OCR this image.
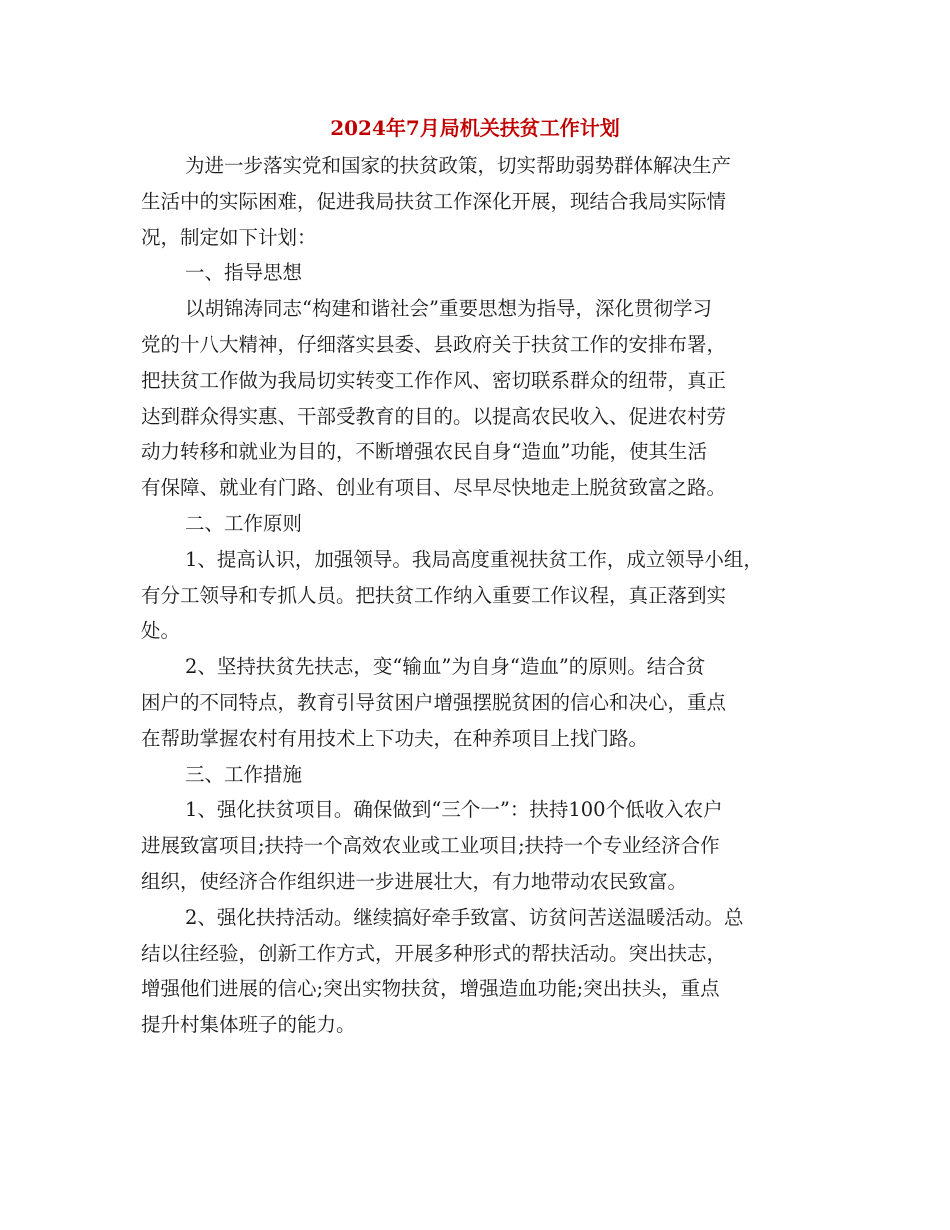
2024年7月局机关扶贫工作计划
为进一步落实党和国家的扶贫政策，切实帮助弱势群体解决生产
生活中的实际困难，促进我局扶贫工作深化开展，现结合我局实际情
况，制定如下计划：
一、指导思想
以胡锦涛同志“构建和谐社会”重要思想为指导，深化贯彻学习
党的十八大精神，仔细落实县委、县政府关于扶贫工作的安排布署，
把扶贫工作做为我局切实转变工作作风、密切联系群众的纽带，真正
达到群众得实惠、干部受教育的目的。以提高农民收入、促进农村劳
动力转移和就业为目的，不断增强农民自身“造血”功能，使其生活
有保障、就业有门路、创业有项目、尽早尽快地走上脱贫致富之路。
二、工作原则
1、提高认识，加强领导。我局高度重视扶贫工作，成立领导小组，
有分工领导和专抓人员。把扶贫工作纳入重要工作议程，真正落到实
处。
2、坚持扶贫先扶志，变“输血”为自身“造血”的原则。结合贫
困户的不同特点，教育引导贫困户增强摆脱贫困的信心和决心，重点
在帮助掌握农村有用技术上下功夫，在种养项目上找门路。
三、工作措施
1、强化扶贫项目。确保做到“三个一”：扶持100个低收入农户
进展致富项目;扶持一个高效农业或工业项目;扶持一个专业经济合作
组织，使经济合作组织进一步进展壮大，有力地带动农民致富。
2、强化扶持活动。继续搞好牵手致富、访贫问苦送温暖活动。总
结以往经验，创新工作方式，开展多种形式的帮扶活动。突出扶志，
增强他们进展的信心;突出实物扶贫，增强造血功能;突出扶头，重点
提升村集体班子的能力。
